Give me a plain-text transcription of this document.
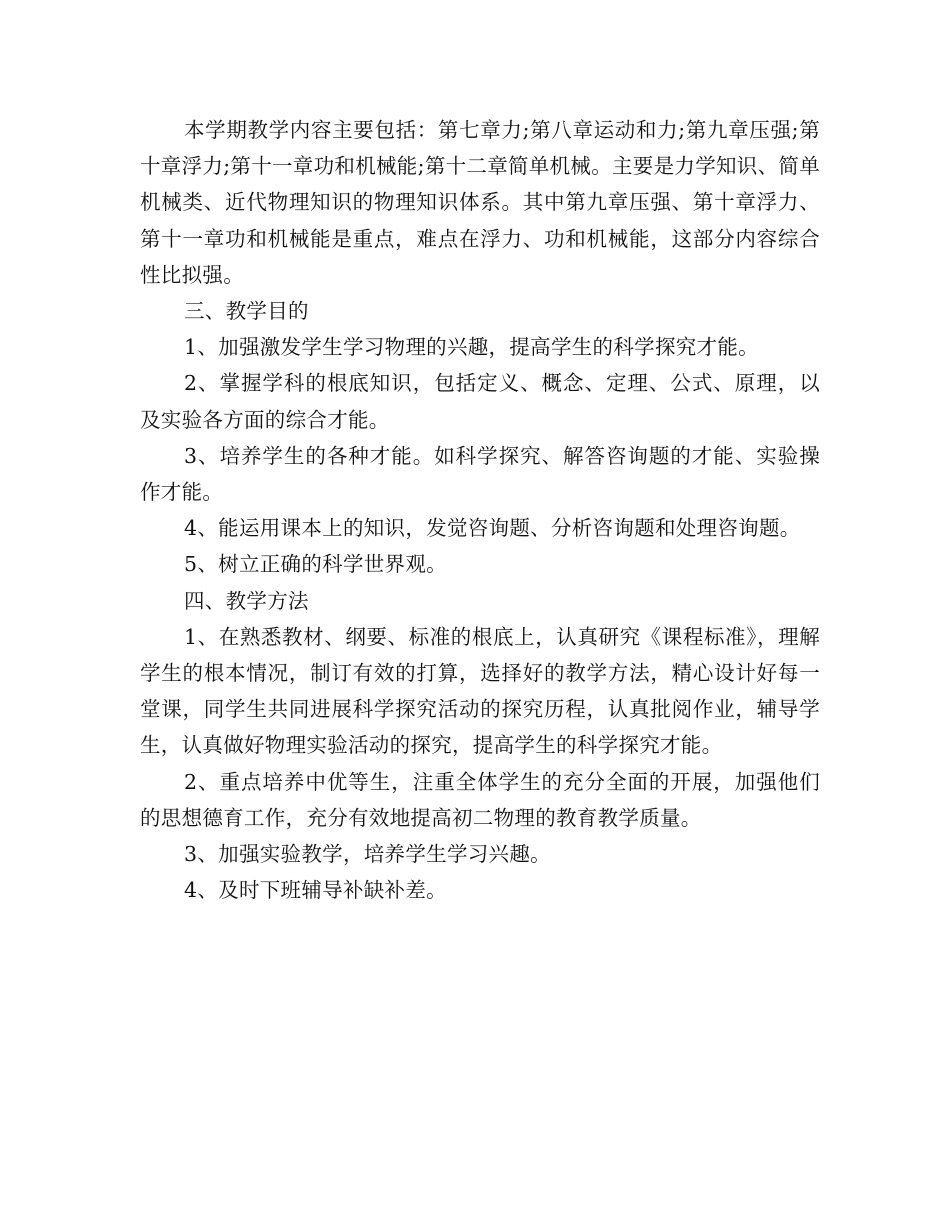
本学期教学内容主要包括：第七章力;第八章运动和力;第九章压强;第十章浮力;第十一章功和机械能;第十二章简单机械。主要是力学知识、简单机械类、近代物理知识的物理知识体系。其中第九章压强、第十章浮力、第十一章功和机械能是重点，难点在浮力、功和机械能，这部分内容综合性比拟强。

三、教学目的

1、加强激发学生学习物理的兴趣，提高学生的科学探究才能。

2、掌握学科的根底知识，包括定义、概念、定理、公式、原理，以及实验各方面的综合才能。

3、培养学生的各种才能。如科学探究、解答咨询题的才能、实验操作才能。

4、能运用课本上的知识，发觉咨询题、分析咨询题和处理咨询题。

5、树立正确的科学世界观。

四、教学方法

1、在熟悉教材、纲要、标准的根底上，认真研究《课程标准》，理解学生的根本情况，制订有效的打算，选择好的教学方法，精心设计好每一堂课，同学生共同进展科学探究活动的探究历程，认真批阅作业，辅导学生，认真做好物理实验活动的探究，提高学生的科学探究才能。

2、重点培养中优等生，注重全体学生的充分全面的开展，加强他们的思想德育工作，充分有效地提高初二物理的教育教学质量。

3、加强实验教学，培养学生学习兴趣。

4、及时下班辅导补缺补差。
